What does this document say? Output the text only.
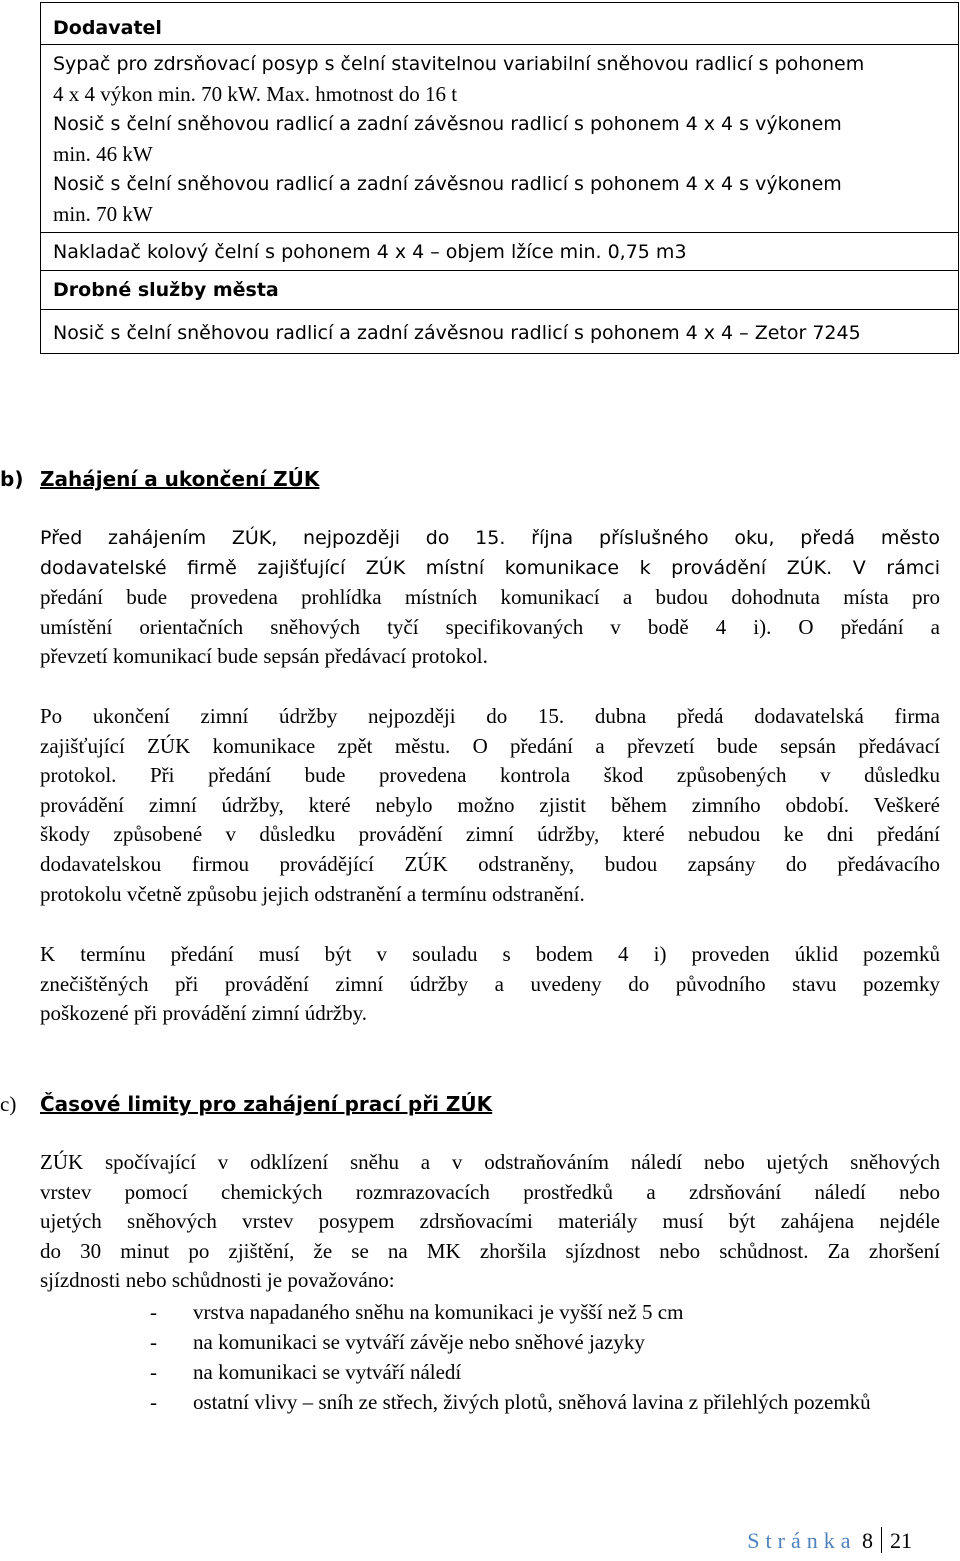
Dodavatel

Sypač pro zdrsňovací posyp s čelní stavitelnou variabilní sněhovou radlicí s pohonem
4 x 4 výkon min. 70 kW. Max. hmotnost do 16 t
Nosič s čelní sněhovou radlicí a zadní závěsnou radlicí s pohonem 4 x 4 s výkonem
min. 46 kW
Nosič s čelní sněhovou radlicí a zadní závěsnou radlicí s pohonem 4 x 4 s výkonem
min. 70 kW

Nakladač kolový čelní s pohonem 4 x 4 – objem lžíce min. 0,75 m3
Drobné služby města
Nosič s čelní sněhovou radlicí a zadní závěsnou radlicí s pohonem 4 x 4 – Zetor 7245
b) Zahájení a ukončení ZÚK
Před zahájením ZÚK, nejpozději do 15. října příslušného oku, předá město
dodavatelské firmě zajišťující ZÚK místní komunikace k provádění ZÚK. V rámci
předání bude provedena prohlídka místních komunikací a budou dohodnuta místa pro
umístění orientačních sněhových tyčí specifikovaných v bodě 4 i). O předání a
převzetí komunikací bude sepsán předávací protokol.
Po ukončení zimní údržby nejpozději do 15. dubna předá dodavatelská firma
zajišťující ZÚK komunikace zpět městu. O předání a převzetí bude sepsán předávací
protokol. Při předání bude provedena kontrola škod způsobených v důsledku
provádění zimní údržby, které nebylo možno zjistit během zimního období. Veškeré
škody způsobené v důsledku provádění zimní údržby, které nebudou ke dni předání
dodavatelskou firmou provádějící ZÚK odstraněny, budou zapsány do předávacího
protokolu včetně způsobu jejich odstranění a termínu odstranění.
K termínu předání musí být v souladu s bodem 4 i) proveden úklid pozemků
znečištěných při provádění zimní údržby a uvedeny do původního stavu pozemky
poškozené při provádění zimní údržby.
c) Časové limity pro zahájení prací při ZÚK
ZÚK spočívající v odklízení sněhu a v odstraňováním náledí nebo ujetých sněhových
vrstev pomocí chemických rozmrazovacích prostředků a zdrsňování náledí nebo
ujetých sněhových vrstev posypem zdrsňovacími materiály musí být zahájena nejdéle
do 30 minut po zjištění, že se na MK zhoršila sjízdnost nebo schůdnost. Za zhoršení
sjízdnosti nebo schůdnosti je považováno:
- vrstva napadaného sněhu na komunikaci je vyšší než 5 cm
- na komunikaci se vytváří závěje nebo sněhové jazyky
- na komunikaci se vytváří náledí
- ostatní vlivy – sníh ze střech, živých plotů, sněhová lavina z přilehlých pozemků
Stránka 8 21
